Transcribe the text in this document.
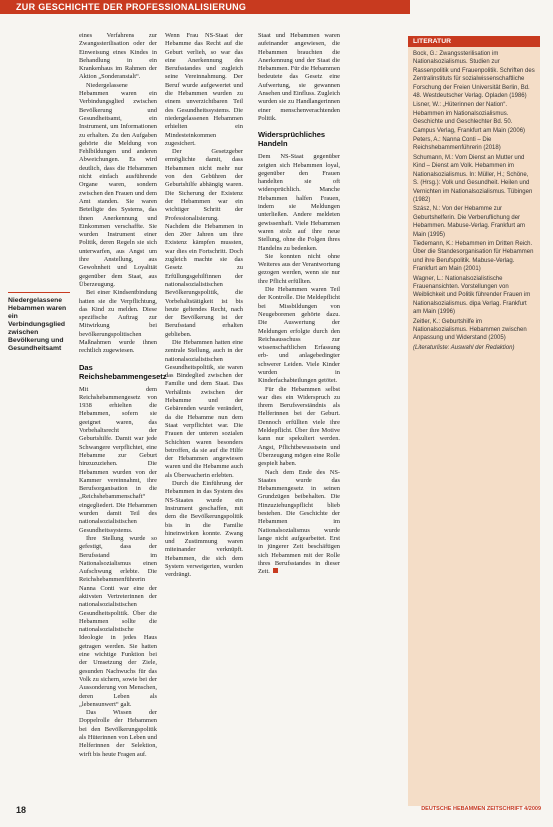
ZUR GESCHICHTE DER PROFESSIONALISIERUNG
Niedergelassene Hebammen waren ein Verbindungsglied zwischen Bevölkerung und Gesundheitsamt

eines Verfahrens zur Zwangssterilisation oder der Einweisung eines Kindes in Behandlung in ein Krankenhaus im Rahmen der Aktion „Sonderanstalt“.

Niedergelassene Hebammen waren ein Verbindungsglied zwischen Bevölkerung und Gesundheitsamt, ein Instrument, um Informationen zu erhalten. Zu den Aufgaben gehörte die Meldung von Fehlbildungen und anderen Abweichungen. Es wird deutlich, dass die Hebammen nicht einfach ausführende Organe waren, sondern zwischen den Frauen und dem Amt standen. Sie waren Beteiligte des Systems, das ihnen Anerkennung und Einkommen verschaffte. Sie wurden Instrument einer Politik, deren Regeln sie sich unterwarfen, aus Angst um ihre Anstellung, aus Gewohnheit und Loyalität gegenüber dem Staat, aus Überzeugung.

Bei einer Kindsentbindung hatten sie die Verpflichtung, das Kind zu melden. Diese spezifische Auftrag zur Mitwirkung bei bevölkerungspolitischen Maßnahmen wurde ihnen rechtlich zugewiesen.

Das Reichshebammengesetz

Mit dem Reichshebammengesetz von 1938 erhielten die Hebammen, sofern sie geeignet waren, das Vorbehaltsrecht der Geburtshilfe. Damit war jede Schwangere verpflichtet, eine Hebamme zur Geburt hinzuzuziehen. Die Hebammen wurden von der Kammer vereinnahmt, ihre Berufsorganisation in die „Reichshebammenschaft“ eingegliedert. Die Hebammen wurden damit Teil des nationalsozialistischen Gesundheitssystems.

Ihre Stellung wurde so gefestigt, dass der Berufsstand im Nationalsozialismus einen Aufschwung erlebte. Die Reichshebammenführerin Nanna Conti war eine der aktivsten Vertreterinnen der nationalsozialistischen Gesundheitspolitik. Über die Hebammen sollte die nationalsozialistische Ideologie in jedes Haus getragen werden. Sie hatten eine wichtige Funktion bei der Umsetzung der Ziele, gesunden Nachwuchs für das Volk zu sichern, sowie bei der Aussonderung von Menschen, deren Leben als „lebensunwert“ galt.

Das Wissen der Doppelrolle der Hebammen bei den Bevölkerungspolitik als Hüterinnen von Leben und Helferinnen der Selektion, wirft bis heute Fragen auf.

Wenn Frau NS-Staat der Hebamme das Recht auf die Geburt verlieh, so war das eine Anerkennung des Berufsstandes und zugleich seine Vereinnahmung. Der Beruf wurde aufgewertet und die Hebammen wurden zu einem unverzichtbaren Teil des Gesundheitssystems. Die niedergelassenen Hebammen erhielten ein Mindesteinkommen zugesichert.

Der Gesetzgeber ermöglichte damit, dass Hebammen nicht mehr nur von den Gebühren der Geburtshilfe abhängig waren. Die Sicherung der Existenz der Hebammen war ein wichtiger Schritt der Professionalisierung. Nachdem die Hebammen in den 20er Jahren um ihre Existenz kämpfen mussten, war dies ein Fortschritt. Doch zugleich machte sie das Gesetz zu Erfüllungsgehilfinnen der nationalsozialistischen Bevölkerungspolitik, die Vorbehaltstätigkeit ist bis heute geltendes Recht, nach der Bevölkerung ist der Berufsstand erhalten geblieben.

Die Hebammen hatten eine zentrale Stellung, auch in der nationalsozialistischen Gesundheitspolitik, sie waren das Bindeglied zwischen der Familie und dem Staat. Das Verhältnis zwischen der Hebamme und der Gebärenden wurde verändert, da die Hebamme nun dem Staat verpflichtet war. Die Frauen der unteren sozialen Schichten waren besonders betroffen, da sie auf die Hilfe der Hebammen angewiesen waren und die Hebamme auch als Überwacherin erlebten.

Durch die Einführung der Hebammen in das System des NS-Staates wurde ein Instrument geschaffen, mit dem die Bevölkerungspolitik bis in die Familie hineinwirken konnte. Zwang und Zustimmung waren miteinander verknüpft. Hebammen, die sich dem System verweigerten, wurden verdrängt.

Staat und Hebammen waren aufeinander angewiesen, die Hebammen brauchten die Anerkennung und der Staat die Hebammen. Für die Hebammen bedeutete das Gesetz eine Aufwertung, sie gewannen Ansehen und Einfluss. Zugleich wurden sie zu Handlangerinnen einer menschenverachtenden Politik.

Widersprüchliches Handeln

Dem NS-Staat gegenüber zeigten sich Hebammen loyal, gegenüber den Frauen handelten sie oft widersprüchlich. Manche Hebammen halfen Frauen, indem sie Meldungen unterließen. Andere meldeten gewissenhaft. Viele Hebammen waren stolz auf ihre neue Stellung, ohne die Folgen ihres Handelns zu bedenken.

Sie konnten nicht ohne Weiteres aus der Verantwortung gezogen werden, wenn sie nur ihre Pflicht erfüllten.

Die Hebammen waren Teil der Kontrolle. Die Meldepflicht bei Missbildungen von Neugeborenen gehörte dazu. Die Auswertung der Meldungen erfolgte durch den Reichsausschuss zur wissenschaftlichen Erfassung erb- und anlagebedingter schwerer Leiden. Viele Kinder wurden in Kinderfachabteilungen getötet.

Für die Hebammen selbst war dies ein Widerspruch zu ihrem Berufsverständnis als Helferinnen bei der Geburt. Dennoch erfüllten viele ihre Meldepflicht. Über ihre Motive kann nur spekuliert werden. Angst, Pflichtbewusstsein und Überzeugung mögen eine Rolle gespielt haben.

Nach dem Ende des NS-Staates wurde das Hebammengesetz in seinen Grundzügen beibehalten. Die Hinzuziehungspflicht blieb bestehen. Die Geschichte der Hebammen im Nationalsozialismus wurde lange nicht aufgearbeitet. Erst in jüngerer Zeit beschäftigen sich Hebammen mit der Rolle ihres Berufsstandes in dieser Zeit.

LITERATUR

Bock, G.: Zwangssterilisation im Nationalsozialismus. Studien zur Rassenpolitik und Frauenpolitik. Schriften des Zentralinstituts für sozialwissenschaftliche Forschung der Freien Universität Berlin, Bd. 48. Westdeutscher Verlag. Opladen (1986)

Lisner, W.: „Hüterinnen der Nation“. Hebammen im Nationalsozialismus. Geschichte und Geschlechter Bd. 50. Campus Verlag, Frankfurt am Main (2006)

Peters, A.: Nanna Conti – Die Reichshebammenführerin (2018)

Schumann, M.: Vom Dienst an Mutter und Kind – Dienst am Volk. Hebammen im Nationalsozialismus. In: Müller, H.; Schöne, S. (Hrsg.): Volk und Gesundheit. Heilen und Vernichten im Nationalsozialismus. Tübingen (1982)

Szász, N.: Von der Hebamme zur Geburtshelferin. Die Verberuflichung der Hebammen. Mabuse-Verlag. Frankfurt am Main (1995)

Tiedemann, K.: Hebammen im Dritten Reich. Über die Standesorganisation für Hebammen und ihre Berufspolitik. Mabuse-Verlag. Frankfurt am Main (2001)

Wagner, L.: Nationalsozialistische Frauenansichten. Vorstellungen von Weiblichkeit und Politik führender Frauen im Nationalsozialismus. dipa Verlag. Frankfurt am Main (1996)

Zeitler, K.: Geburtshilfe im Nationalsozialismus. Hebammen zwischen Anpassung und Widerstand (2005)

(Literaturliste: Auswahl der Redaktion)

18	DEUTSCHE HEBAMMEN ZEITSCHRIFT 4/2009
